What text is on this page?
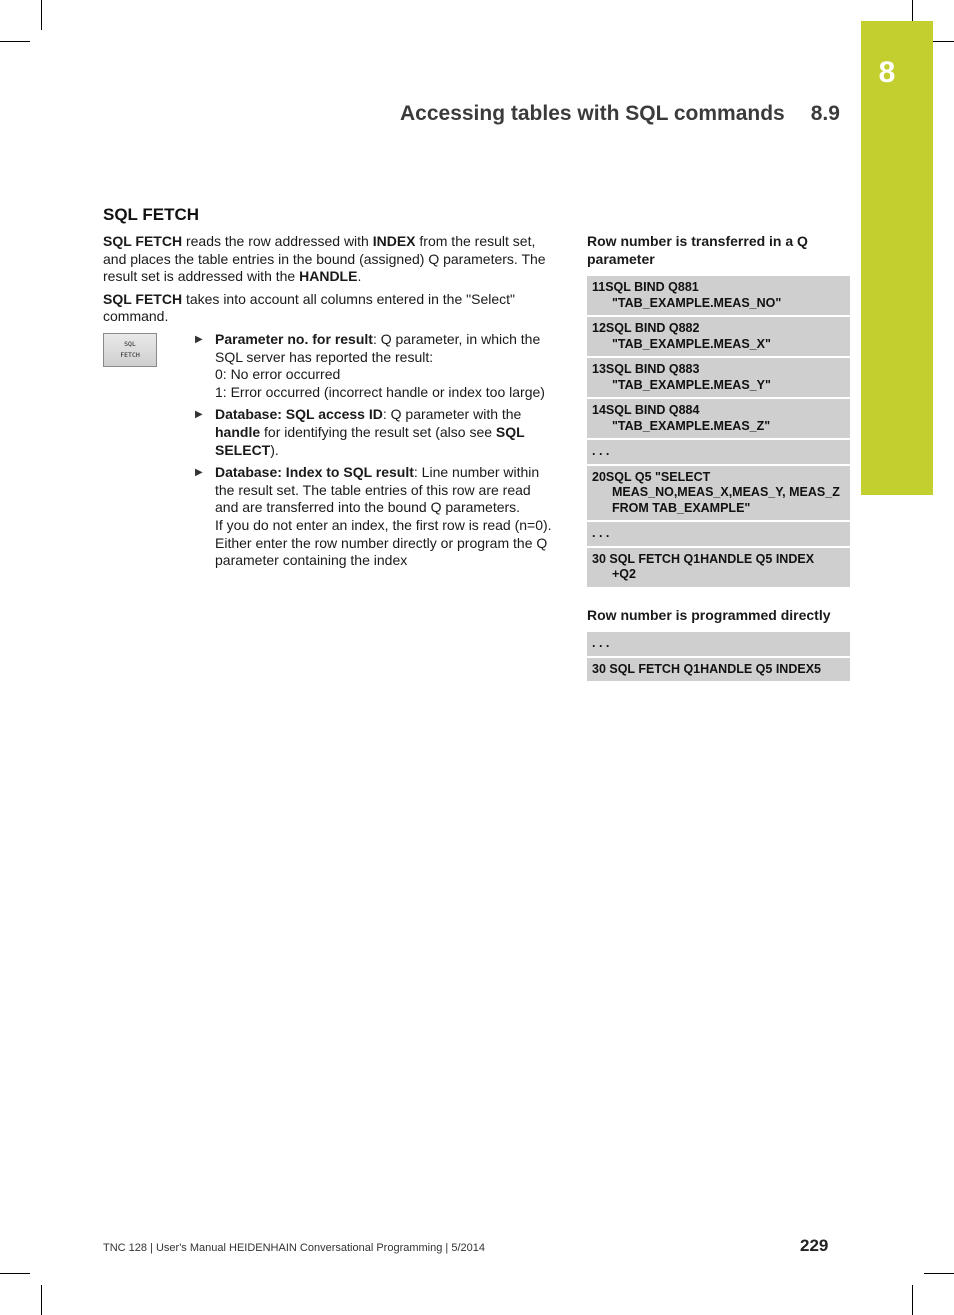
8
Accessing tables with SQL commands 8.9
SQL FETCH

SQL FETCH reads the row addressed with INDEX from the result set, and places the table entries in the bound (assigned) Q parameters. The result set is addressed with the HANDLE.

SQL FETCH takes into account all columns entered in the "Select" command.

SQL
FETCH
▶ Parameter no. for result: Q parameter, in which the SQL server has reported the result:
0: No error occurred
1: Error occurred (incorrect handle or index too large)
▶ Database: SQL access ID: Q parameter with the handle for identifying the result set (also see SQL SELECT).
▶ Database: Index to SQL result: Line number within the result set. The table entries of this row are read and are transferred into the bound Q parameters.
If you do not enter an index, the first row is read (n=0).
Either enter the row number directly or program the Q parameter containing the index

Row number is transferred in a Q parameter

11SQL BIND Q881
"TAB_EXAMPLE.MEAS_NO"
12SQL BIND Q882
"TAB_EXAMPLE.MEAS_X"
13SQL BIND Q883
"TAB_EXAMPLE.MEAS_Y"
14SQL BIND Q884
"TAB_EXAMPLE.MEAS_Z"
. . .
20SQL Q5 "SELECT
MEAS_NO,MEAS_X,MEAS_Y, MEAS_Z FROM TAB_EXAMPLE"
. . .
30 SQL FETCH Q1HANDLE Q5 INDEX
+Q2

Row number is programmed directly

. . .
30 SQL FETCH Q1HANDLE Q5 INDEX5
TNC 128 | User's Manual HEIDENHAIN Conversational Programming | 5/2014	229
